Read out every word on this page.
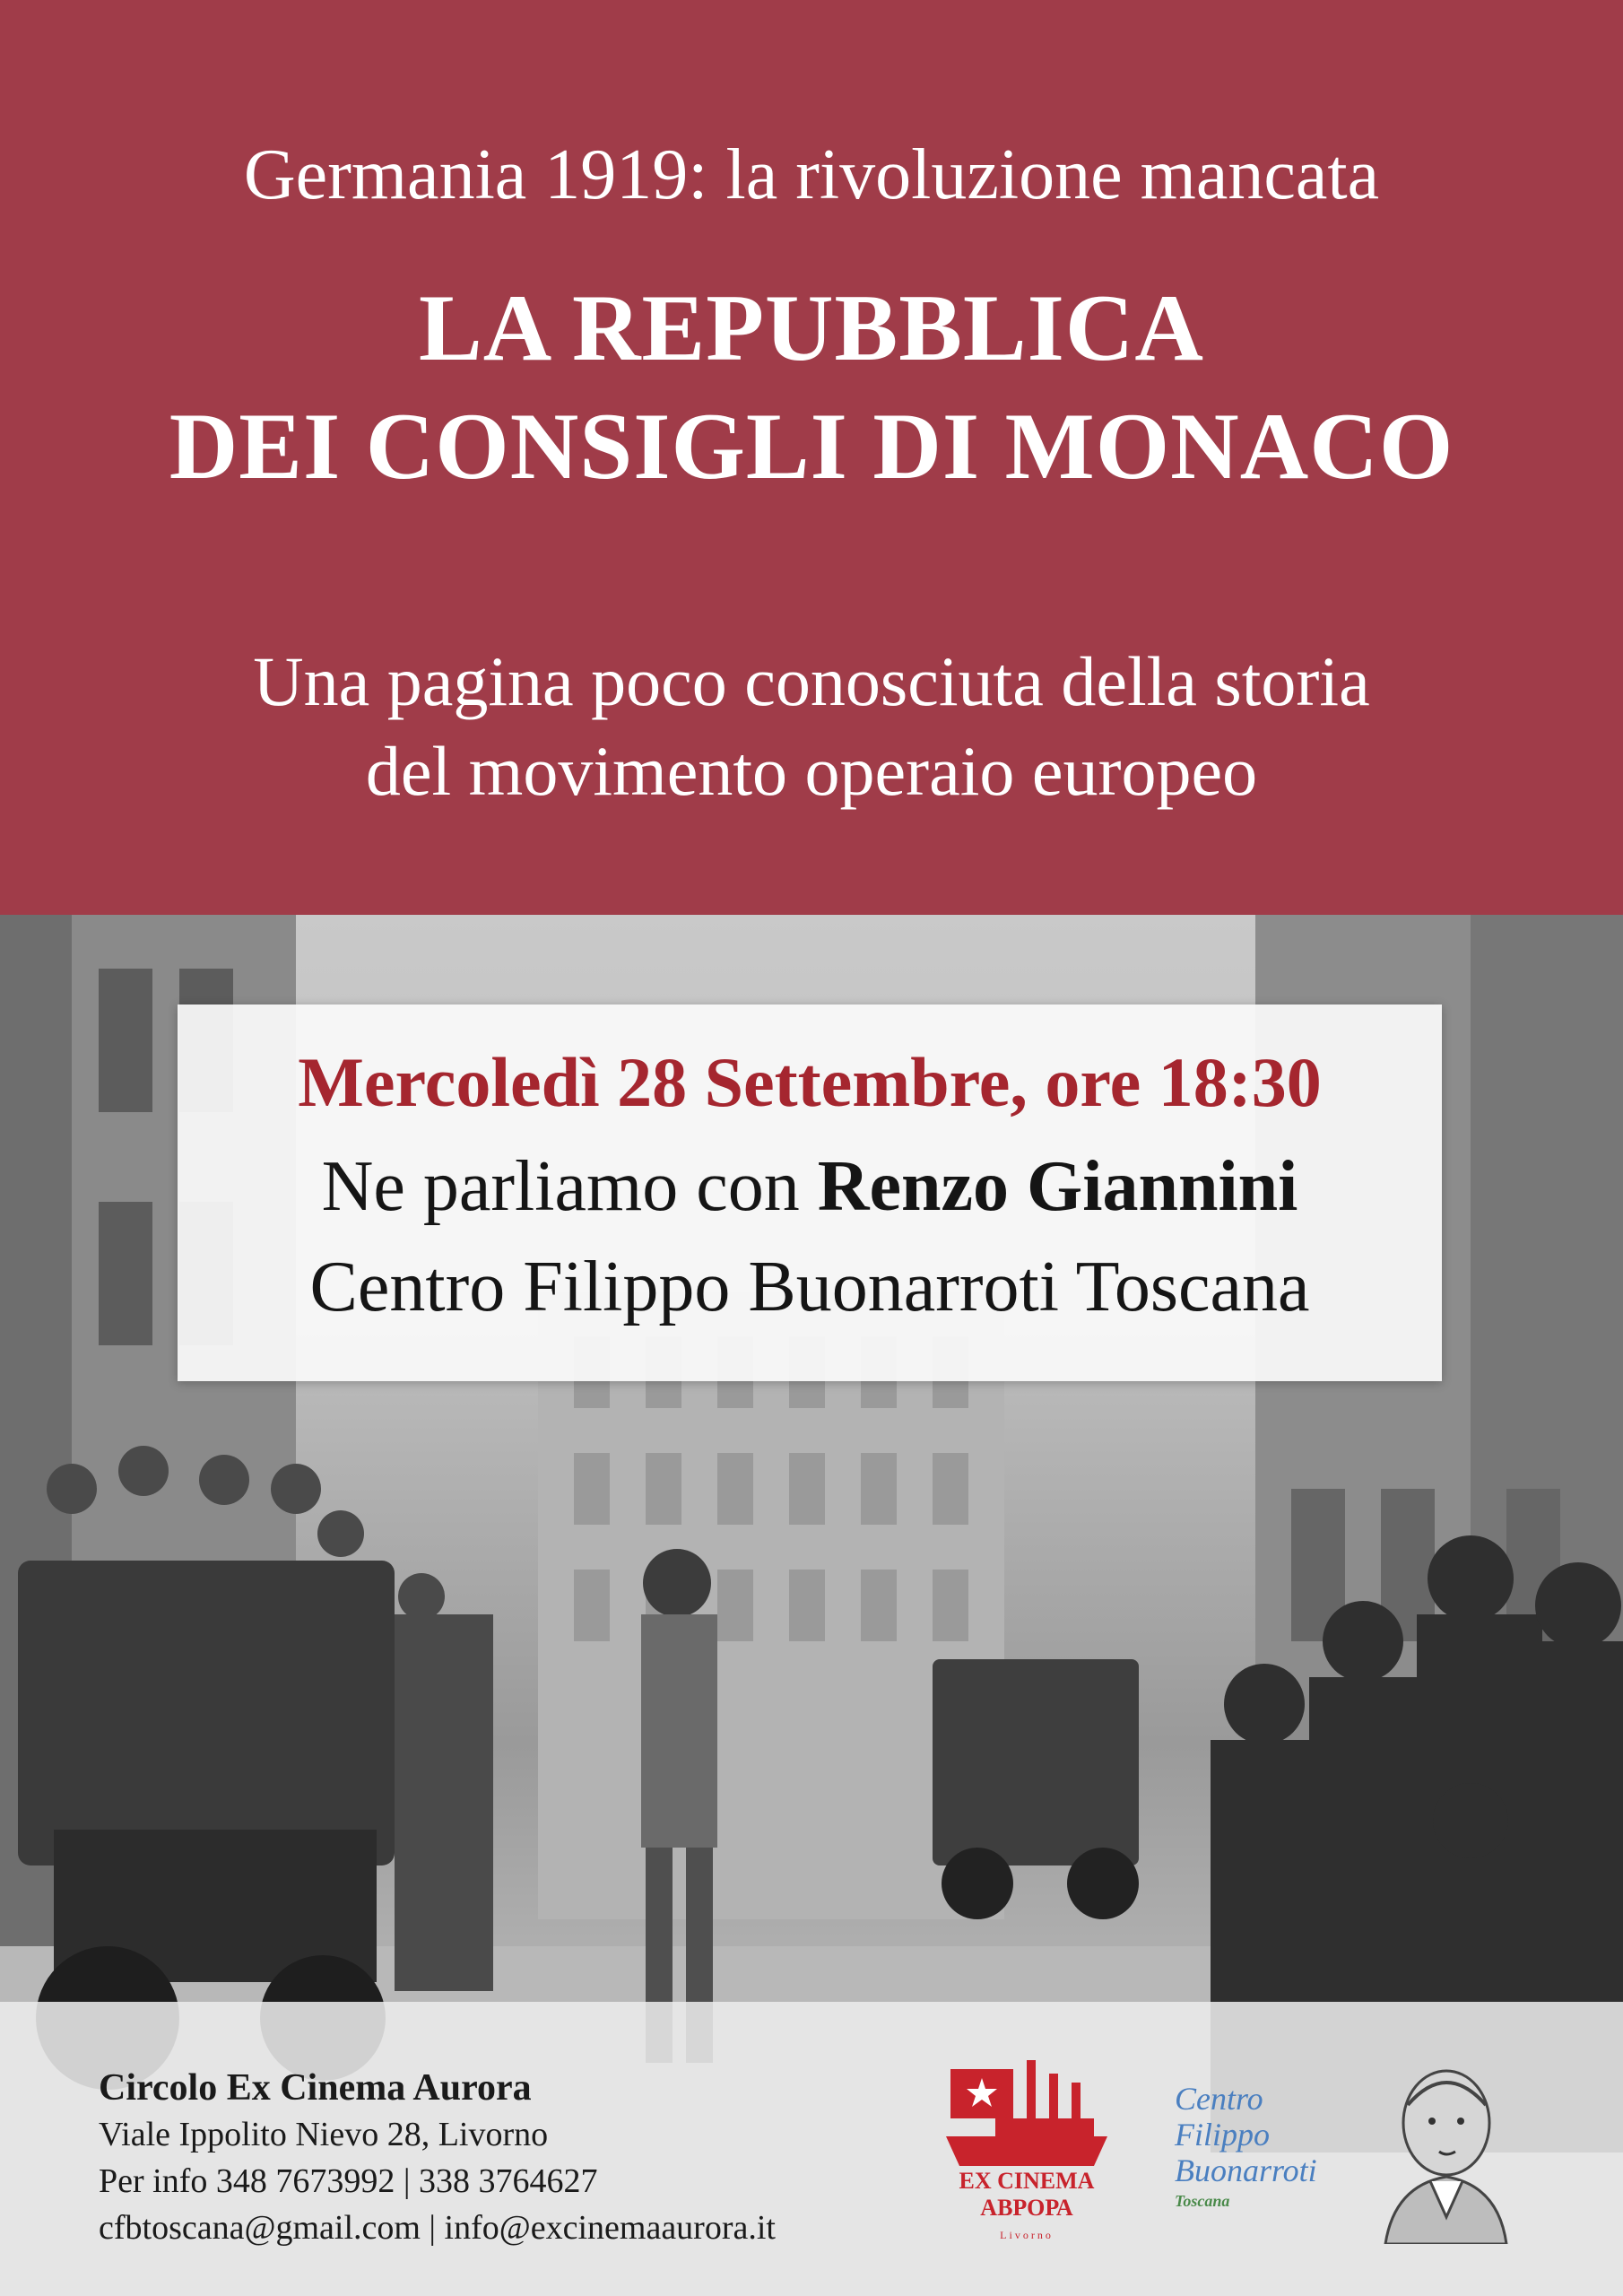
Germania 1919: la rivoluzione mancata
LA REPUBBLICA
DEI CONSIGLI DI MONACO
Una pagina poco conosciuta della storia
del movimento operaio europeo
Mercoledì 28 Settembre, ore 18:30
Ne parliamo con Renzo Giannini
Centro Filippo Buonarroti Toscana
Circolo Ex Cinema Aurora
Viale Ippolito Nievo 28, Livorno
Per info 348 7673992 | 338 3764627
cfbtoscana@gmail.com | info@excinemaaurora.it
EX CINEMA
АВРОРА
Livorno
Centro
Filippo
Buonarroti
Toscana
